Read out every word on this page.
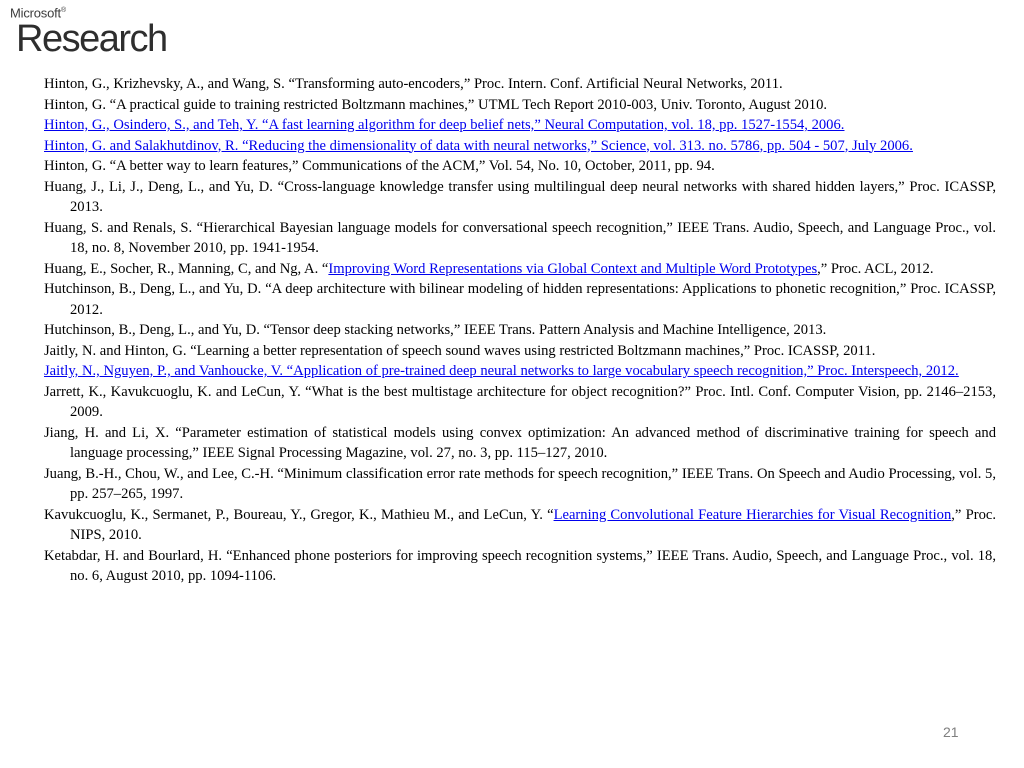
Microsoft®
Research

Hinton, G., Krizhevsky, A., and Wang, S. “Transforming auto-encoders,” Proc. Intern. Conf. Artificial Neural Networks, 2011.

Hinton, G. “A practical guide to training restricted Boltzmann machines,” UTML Tech Report 2010-003, Univ. Toronto, August 2010.

Hinton, G., Osindero, S., and Teh, Y. “A fast learning algorithm for deep belief nets,” Neural Computation, vol. 18, pp. 1527-1554, 2006.

Hinton, G. and Salakhutdinov, R. “Reducing the dimensionality of data with neural networks,” Science, vol. 313. no. 5786, pp. 504 - 507, July 2006.

Hinton, G. “A better way to learn features,” Communications of the ACM,” Vol. 54, No. 10, October, 2011, pp. 94.

Huang, J., Li, J., Deng, L., and Yu, D. “Cross-language knowledge transfer using multilingual deep neural networks with shared hidden layers,” Proc. ICASSP, 2013.

Huang, S. and Renals, S. “Hierarchical Bayesian language models for conversational speech recognition,” IEEE Trans. Audio, Speech, and Language Proc., vol. 18, no. 8, November 2010, pp. 1941-1954.

Huang, E., Socher, R., Manning, C, and Ng, A. “Improving Word Representations via Global Context and Multiple Word Prototypes,” Proc. ACL, 2012.

Hutchinson, B., Deng, L., and Yu, D. “A deep architecture with bilinear modeling of hidden representations: Applications to phonetic recognition,” Proc. ICASSP, 2012.

Hutchinson, B., Deng, L., and Yu, D. “Tensor deep stacking networks,” IEEE Trans. Pattern Analysis and Machine Intelligence, 2013.

Jaitly, N. and Hinton, G. “Learning a better representation of speech sound waves using restricted Boltzmann machines,” Proc. ICASSP, 2011.

Jaitly, N., Nguyen, P., and Vanhoucke, V. “Application of pre-trained deep neural networks to large vocabulary speech recognition,” Proc. Interspeech, 2012.

Jarrett, K., Kavukcuoglu, K. and LeCun, Y. “What is the best multistage architecture for object recognition?” Proc. Intl. Conf. Computer Vision, pp. 2146–2153, 2009.

Jiang, H. and Li, X. “Parameter estimation of statistical models using convex optimization: An advanced method of discriminative training for speech and language processing,” IEEE Signal Processing Magazine, vol. 27, no. 3, pp. 115–127, 2010.

Juang, B.-H., Chou, W., and Lee, C.-H. “Minimum classification error rate methods for speech recognition,” IEEE Trans. On Speech and Audio Processing, vol. 5, pp. 257–265, 1997.

Kavukcuoglu, K., Sermanet, P., Boureau, Y., Gregor, K., Mathieu M., and LeCun, Y. “Learning Convolutional Feature Hierarchies for Visual Recognition,” Proc. NIPS, 2010.

Ketabdar, H. and Bourlard, H. “Enhanced phone posteriors for improving speech recognition systems,” IEEE Trans. Audio, Speech, and Language Proc., vol. 18, no. 6, August 2010, pp. 1094-1106.

21
